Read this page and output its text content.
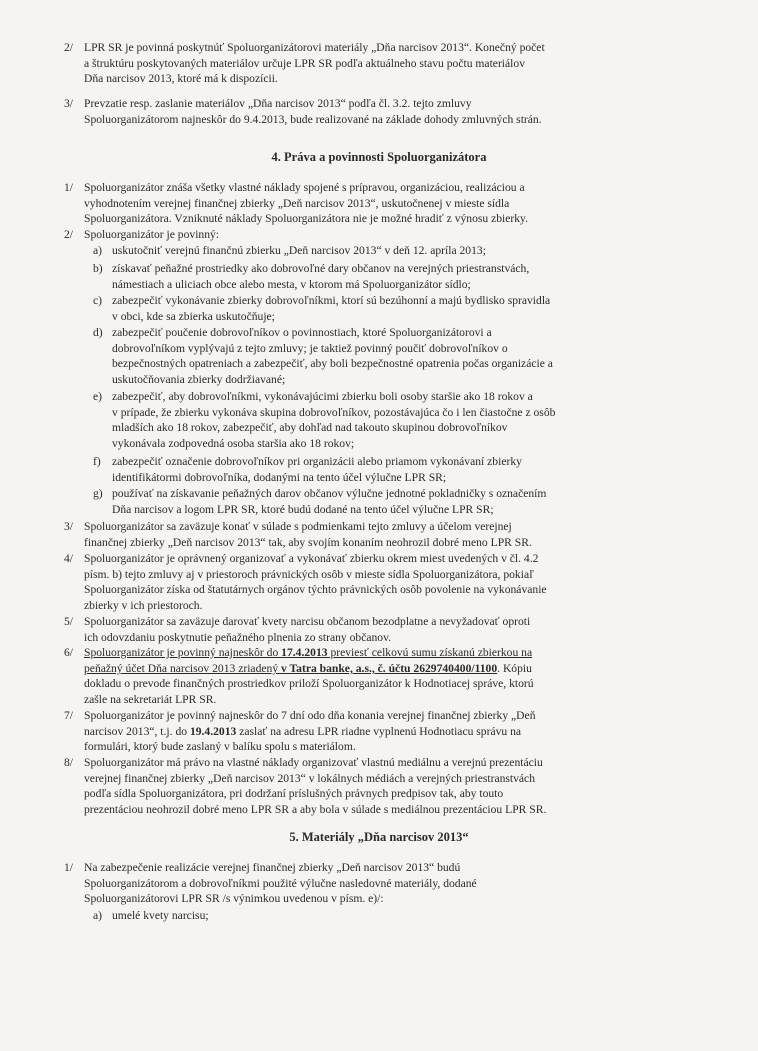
2/ LPR SR je povinná poskytnúť Spoluorganizátorovi materiály „Dňa narcisov 2013“. Konečný počet
a štruktúru poskytovaných materiálov určuje LPR SR podľa aktuálneho stavu počtu materiálov
Dňa narcisov 2013, ktoré má k dispozícii.
3/ Prevzatie resp. zaslanie materiálov „Dňa narcisov 2013“ podľa čl. 3.2. tejto zmluvy
Spoluorganizátorom najneskôr do 9.4.2013, bude realizované na základe dohody zmluvných strán.
4. Práva a povinnosti Spoluorganizátora
1/ Spoluorganizátor znáša všetky vlastné náklady spojené s prípravou, organizáciou, realizáciou a
vyhodnotením verejnej finančnej zbierky „Deň narcisov 2013“, uskutočnenej v mieste sídla
Spoluorganizátora. Vzniknuté náklady Spoluorganizátora nie je možné hradiť z výnosu zbierky.
2/ Spoluorganizátor je povinný:
a) uskutočniť verejnú finančnú zbierku „Deň narcisov 2013“ v deň 12. apríla 2013;
b) získavať peňažné prostriedky ako dobrovoľné dary občanov na verejných priestranstvách,
námestiach a uliciach obce alebo mesta, v ktorom má Spoluorganizátor sídlo;
c) zabezpečiť vykonávanie zbierky dobrovoľníkmi, ktorí sú bezúhonní a majú bydlisko spravidla
v obci, kde sa zbierka uskutočňuje;
d) zabezpečiť poučenie dobrovoľníkov o povinnostiach, ktoré Spoluorganizátorovi a
dobrovoľníkom vyplývajú z tejto zmluvy; je taktiež povinný poučiť dobrovoľníkov o
bezpečnostných opatreniach a zabezpečiť, aby boli bezpečnostné opatrenia počas organizácie a
uskutočňovania zbierky dodržiavané;
e) zabezpečiť, aby dobrovoľníkmi, vykonávajúcimi zbierku boli osoby staršie ako 18 rokov a
v prípade, že zbierku vykonáva skupina dobrovoľníkov, pozostávajúca čo i len čiastočne z osôb
mladších ako 18 rokov, zabezpečiť, aby dohľad nad takouto skupinou dobrovoľníkov
vykonávala zodpovedná osoba staršia ako 18 rokov;
f) zabezpečiť označenie dobrovoľníkov pri organizácii alebo priamom vykonávaní zbierky
identifikátormi dobrovoľníka, dodanými na tento účel výlučne LPR SR;
g) používať na získavanie peňažných darov občanov výlučne jednotné pokladničky s označením
Dňa narcisov a logom LPR SR, ktoré budú dodané na tento účel výlučne LPR SR;
3/ Spoluorganizátor sa zaväzuje konať v súlade s podmienkami tejto zmluvy a účelom verejnej
finančnej zbierky „Deň narcisov 2013“ tak, aby svojím konaním neohrozil dobré meno LPR SR.
4/ Spoluorganizátor je oprávnený organizovať a vykonávať zbierku okrem miest uvedených v čl. 4.2
písm. b) tejto zmluvy aj v priestoroch právnických osôb v mieste sídla Spoluorganizátora, pokiaľ
Spoluorganizátor získa od štatutárnych orgánov týchto právnických osôb povolenie na vykonávanie
zbierky v ich priestoroch.
5/ Spoluorganizátor sa zaväzuje darovať kvety narcisu občanom bezodplatne a nevyžadovať oproti
ich odovzdaniu poskytnutie peňažného plnenia zo strany občanov.
6/ Spoluorganizátor je povinný najneskôr do 17.4.2013 previesť celkovú sumu získanú zbierkou na
peňažný účet Dňa narcisov 2013 zriadený v Tatra banke, a.s., č. účtu 2629740400/1100. Kópiu
dokladu o prevode finančných prostriedkov priloží Spoluorganizátor k Hodnotiacej správe, ktorú
zašle na sekretariát LPR SR.
7/ Spoluorganizátor je povinný najneskôr do 7 dní odo dňa konania verejnej finančnej zbierky „Deň
narcisov 2013“, t.j. do 19.4.2013 zaslať na adresu LPR riadne vyplnenú Hodnotiacu správu na
formulári, ktorý bude zaslaný v balíku spolu s materiálom.
8/ Spoluorganizátor má právo na vlastné náklady organizovať vlastnú mediálnu a verejnú prezentáciu
verejnej finančnej zbierky „Deň narcisov 2013“ v lokálnych médiách a verejných priestranstvách
podľa sídla Spoluorganizátora, pri dodržaní príslušných právnych predpisov tak, aby touto
prezentáciou neohrozil dobré meno LPR SR a aby bola v súlade s mediálnou prezentáciou LPR SR.
5. Materiály „Dňa narcisov 2013“
1/ Na zabezpečenie realizácie verejnej finančnej zbierky „Deň narcisov 2013“ budú
Spoluorganizátorom a dobrovoľníkmi použité výlučne nasledovné materiály, dodané
Spoluorganizátorovi LPR SR /s výnimkou uvedenou v písm. e)/:
a) umelé kvety narcisu;
